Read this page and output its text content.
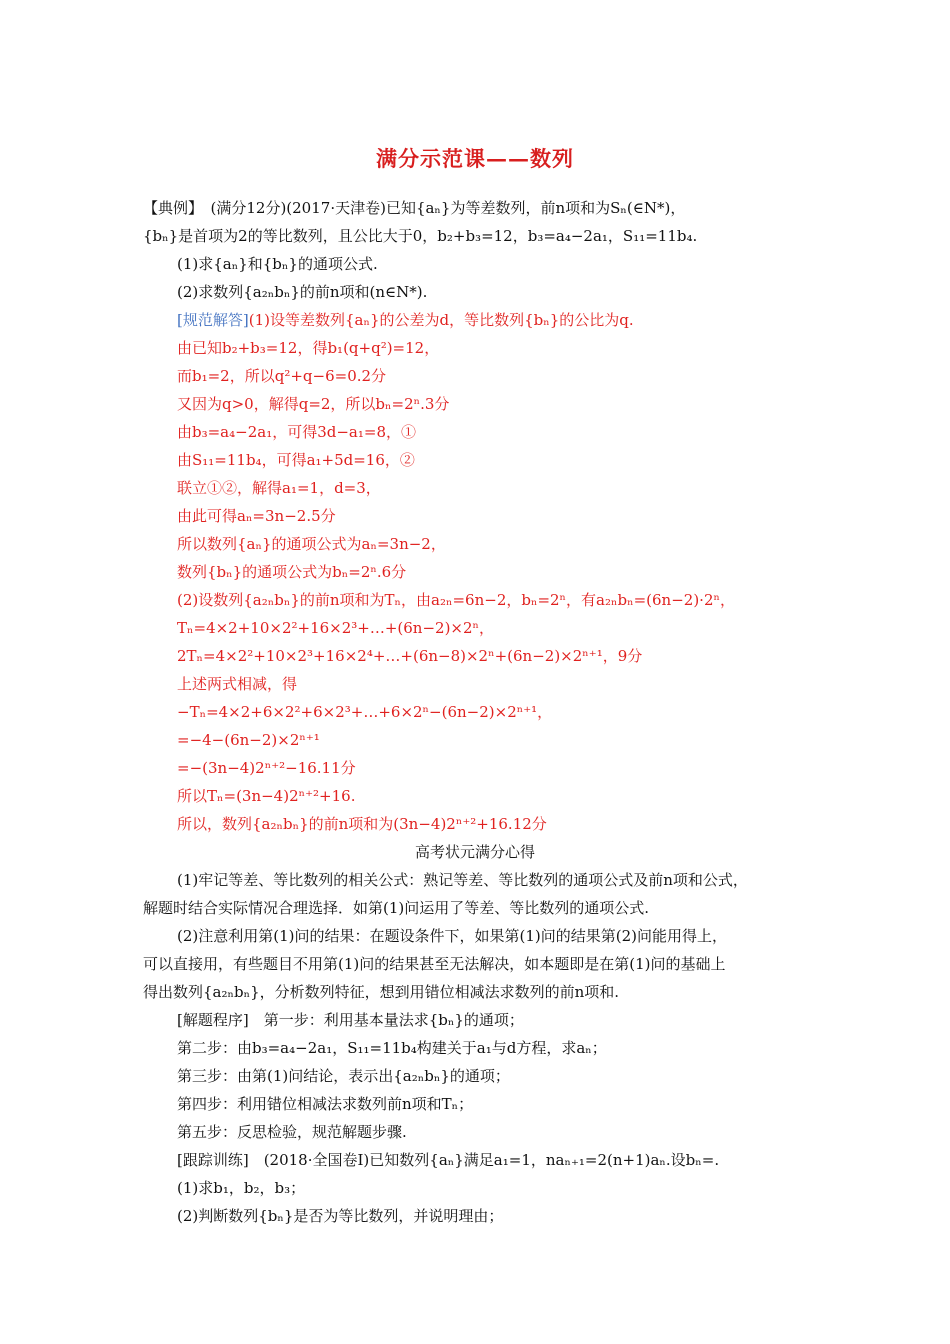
满分示范课——数列
【典例】　(满分12分)(2017·天津卷)已知{aₙ}为等差数列，前n项和为Sₙ(∈N*)，
{bₙ}是首项为2的等比数列，且公比大于0，b₂+b₃=12，b₃=a₄−2a₁，S₁₁=11b₄.
(1)求{aₙ}和{bₙ}的通项公式.
(2)求数列{a₂ₙbₙ}的前n项和(n∈N*).
[规范解答](1)设等差数列{aₙ}的公差为d，等比数列{bₙ}的公比为q.
由已知b₂+b₃=12，得b₁(q+q²)=12，
而b₁=2，所以q²+q−6=0.2分
又因为q>0，解得q=2，所以bₙ=2ⁿ.3分
由b₃=a₄−2a₁，可得3d−a₁=8，①
由S₁₁=11b₄，可得a₁+5d=16，②
联立①②，解得a₁=1，d=3，
由此可得aₙ=3n−2.5分
所以数列{aₙ}的通项公式为aₙ=3n−2，
数列{bₙ}的通项公式为bₙ=2ⁿ.6分
(2)设数列{a₂ₙbₙ}的前n项和为Tₙ，由a₂ₙ=6n−2，bₙ=2ⁿ，有a₂ₙbₙ=(6n−2)·2ⁿ，
Tₙ=4×2+10×2²+16×2³+…+(6n−2)×2ⁿ，
2Tₙ=4×2²+10×2³+16×2⁴+…+(6n−8)×2ⁿ+(6n−2)×2ⁿ⁺¹，9分
上述两式相减，得
−Tₙ=4×2+6×2²+6×2³+…+6×2ⁿ−(6n−2)×2ⁿ⁺¹，
=−4−(6n−2)×2ⁿ⁺¹
=−(3n−4)2ⁿ⁺²−16.11分
所以Tₙ=(3n−4)2ⁿ⁺²+16.
所以，数列{a₂ₙbₙ}的前n项和为(3n−4)2ⁿ⁺²+16.12分
高考状元满分心得
(1)牢记等差、等比数列的相关公式：熟记等差、等比数列的通项公式及前n项和公式，
解题时结合实际情况合理选择．如第(1)问运用了等差、等比数列的通项公式.
(2)注意利用第(1)问的结果：在题设条件下，如果第(1)问的结果第(2)问能用得上，
可以直接用，有些题目不用第(1)问的结果甚至无法解决，如本题即是在第(1)问的基础上
得出数列{a₂ₙbₙ}，分析数列特征，想到用错位相减法求数列的前n项和.
[解题程序]　第一步：利用基本量法求{bₙ}的通项；
第二步：由b₃=a₄−2a₁，S₁₁=11b₄构建关于a₁与d方程，求aₙ；
第三步：由第(1)问结论，表示出{a₂ₙbₙ}的通项；
第四步：利用错位相减法求数列前n项和Tₙ；
第五步：反思检验，规范解题步骤.
[跟踪训练]　(2018·全国卷Ⅰ)已知数列{aₙ}满足a₁=1，naₙ₊₁=2(n+1)aₙ.设bₙ=.
(1)求b₁，b₂，b₃；
(2)判断数列{bₙ}是否为等比数列，并说明理由；
